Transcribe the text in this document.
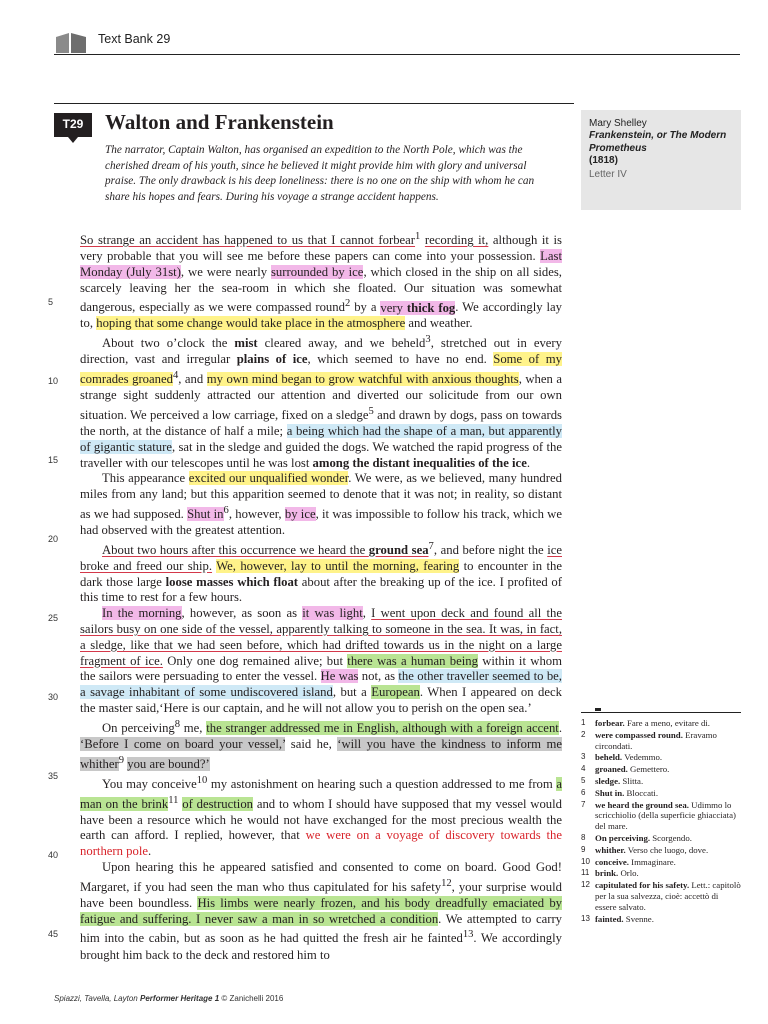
Text Bank 29
T29	Walton and Frankenstein

The narrator, Captain Walton, has organised an expedition to the North Pole, which was the cherished dream of his youth, since he believed it might provide him with glory and universal praise. The only drawback is his deep loneliness: there is no one on the ship with whom he can share his hopes and fears. During his voyage a strange accident happens.

Mary Shelley
Frankenstein, or The Modern Prometheus
(1818)
Letter IV
5
10
15
20
25
30
35
40
45

So strange an accident has happened to us that I cannot forbear$^1$ recording it, although it is very probable that you will see me before these papers can come into your possession. Last Monday (July 31st), we were nearly surrounded by ice, which closed in the ship on all sides, scarcely leaving her the sea-room in which she floated. Our situation was somewhat dangerous, especially as we were compassed round$^2$ by a very thick fog. We accordingly lay to, hoping that some change would take place in the atmosphere and weather.

About two o’clock the mist cleared away, and we beheld$^3$, stretched out in every direction, vast and irregular plains of ice, which seemed to have no end. Some of my comrades groaned$^4$, and my own mind began to grow watchful with anxious thoughts, when a strange sight suddenly attracted our attention and diverted our solicitude from our own situation. We perceived a low carriage, fixed on a sledge$^5$ and drawn by dogs, pass on towards the north, at the distance of half a mile; a being which had the shape of a man, but apparently of gigantic stature, sat in the sledge and guided the dogs. We watched the rapid progress of the traveller with our telescopes until he was lost among the distant inequalities of the ice.

This appearance excited our unqualified wonder. We were, as we believed, many hundred miles from any land; but this apparition seemed to denote that it was not; in reality, so distant as we had supposed. Shut $in^6$, however, by ice, it was impossible to follow his track, which we had observed with the greatest attention.

About two hours after this occurrence we heard the ground sea$^7$, and before night the ice broke and freed our ship. We, however, lay to until the morning, fearing to encounter in the dark those large loose masses which float about after the breaking up of the ice. I profited of this time to rest for a few hours.

In the morning, however, as soon as it was light, I went upon deck and found all the sailors busy on one side of the vessel, apparently talking to someone in the sea. It was, in fact, a sledge, like that we had seen before, which had drifted towards us in the night on a large fragment of ice. Only one dog remained alive; but there was a human being within it whom the sailors were persuading to enter the vessel. He was not, as the other traveller seemed to be, a savage inhabitant of some undiscovered island, but a European. When I appeared on deck the master said,‘Here is our captain, and he will not allow you to perish on the open sea.’

On perceiving$^8$ me, the stranger addressed me in English, although with a foreign accent. ‘Before I come on board your vessel,’ said he, ‘will you have the kindness to inform me whither$^9$ you are bound?’

You may conceive$^{10}$ my astonishment on hearing such a question addressed to me from a man on the brink$^{11}$ of destruction and to whom I should have supposed that my vessel would have been a resource which he would not have exchanged for the most precious wealth the earth can afford. I replied, however, that we were on a voyage of discovery towards the northern pole.

Upon hearing this he appeared satisfied and consented to come on board. Good God! Margaret, if you had seen the man who thus capitulated for his safety$^{12}$, your surprise would have been boundless. His limbs were nearly frozen, and his body dreadfully emaciated by fatigue and suffering. I never saw a man in so wretched a condition. We attempted to carry him into the cabin, but as soon as he had quitted the fresh air he fainted$^{13}$. We accordingly brought him back to the deck and restored him to

1 forbear. Fare a meno, evitare di.
2 were compassed round. Eravamo circondati.
3 beheld. Vedemmo.
4 groaned. Gemettero.
5 sledge. Slitta.
6 Shut in. Bloccati.
7 we heard the ground sea. Udimmo lo scricchiolio (della superficie ghiacciata) del mare.
8 On perceiving. Scorgendo.
9 whither. Verso che luogo, dove.
10 conceive. Immaginare.
11 brink. Orlo.
12 capitulated for his safety. Lett.: capitolò per la sua salvezza, cioè: accettò di essere salvato.
13 fainted. Svenne.
Spiazzi, Tavella, Layton Performer Heritage 1 © Zanichelli 2016
